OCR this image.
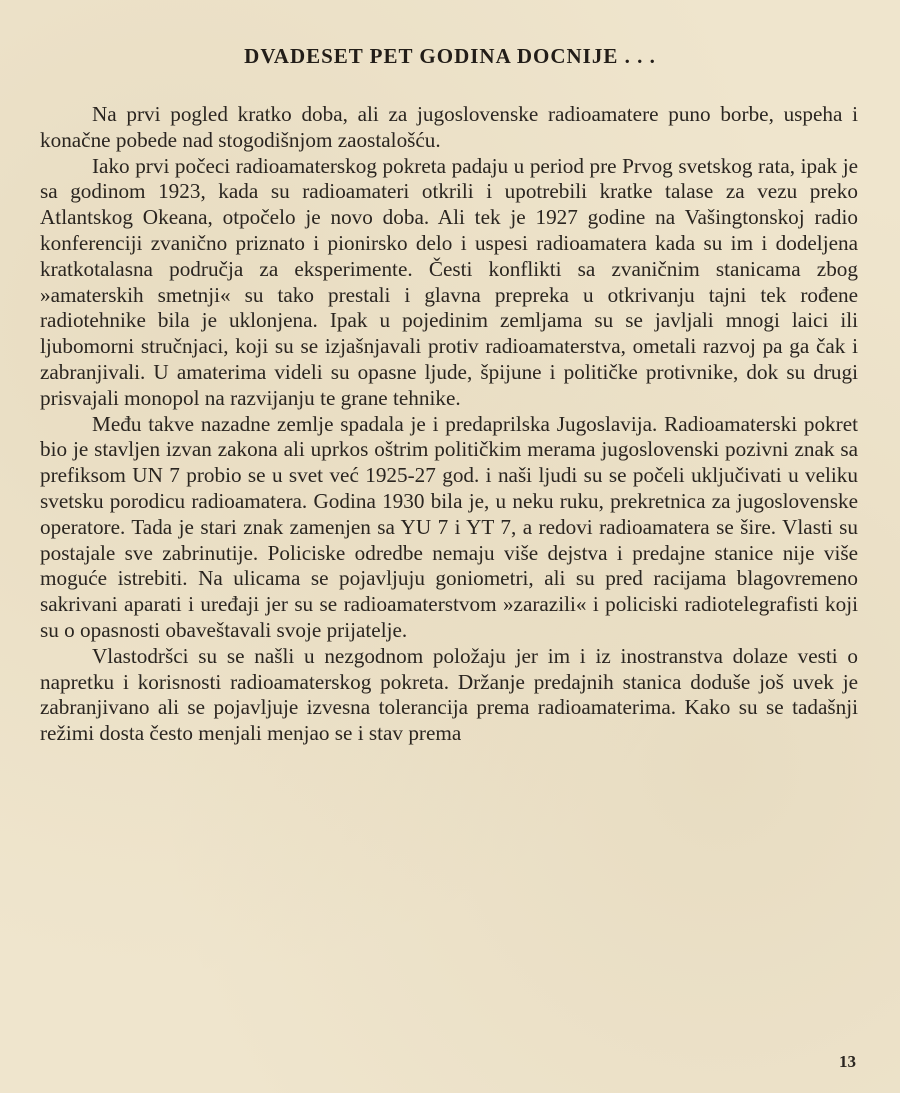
DVADESET PET GODINA DOCNIJE . . .

Na prvi pogled kratko doba, ali za jugoslovenske radioamatere puno borbe, uspeha i konačne pobede nad stogodišnjom zaostalošću.

Iako prvi počeci radioamaterskog pokreta padaju u period pre Prvog svetskog rata, ipak je sa godinom 1923, kada su radioamateri otkrili i upotrebili kratke talase za vezu preko Atlantskog Okeana, otpočelo je novo doba. Ali tek je 1927 godine na Vašingtonskoj radio konferenciji zvanično priznato i pionirsko delo i uspesi radioamatera kada su im i dodeljena kratkotalasna područja za eksperimente. Česti konflikti sa zvaničnim stanicama zbog »amaterskih smetnji« su tako prestali i glavna prepreka u otkrivanju tajni tek rođene radiotehnike bila je uklonjena. Ipak u pojedinim zemljama su se javljali mnogi laici ili ljubomorni stručnjaci, koji su se izjašnjavali protiv radioamaterstva, ometali razvoj pa ga čak i zabranjivali. U amaterima videli su opasne ljude, špijune i političke protivnike, dok su drugi prisvajali monopol na razvijanju te grane tehnike.

Među takve nazadne zemlje spadala je i predaprilska Jugoslavija. Radioamaterski pokret bio je stavljen izvan zakona ali uprkos oštrim političkim merama jugoslovenski pozivni znak sa prefiksom UN 7 probio se u svet već 1925-27 god. i naši ljudi su se počeli uključivati u veliku svetsku porodicu radioamatera. Godina 1930 bila je, u neku ruku, prekretnica za jugoslovenske operatore. Tada je stari znak zamenjen sa YU 7 i YT 7, a redovi radioamatera se šire. Vlasti su postajale sve zabrinutije. Policiske odredbe nemaju više dejstva i predajne stanice nije više moguće istrebiti. Na ulicama se pojavljuju goniometri, ali su pred racijama blagovremeno sakrivani aparati i uređaji jer su se radioamaterstvom »zarazili« i policiski radiotelegrafisti koji su o opasnosti obaveštavali svoje prijatelje.

Vlastodršci su se našli u nezgodnom položaju jer im i iz inostranstva dolaze vesti o napretku i korisnosti radioamaterskog pokreta. Držanje predajnih stanica doduše još uvek je zabranjivano ali se pojavljuje izvesna tolerancija prema radioamaterima. Kako su se tadašnji režimi dosta često menjali menjao se i stav prema

13
